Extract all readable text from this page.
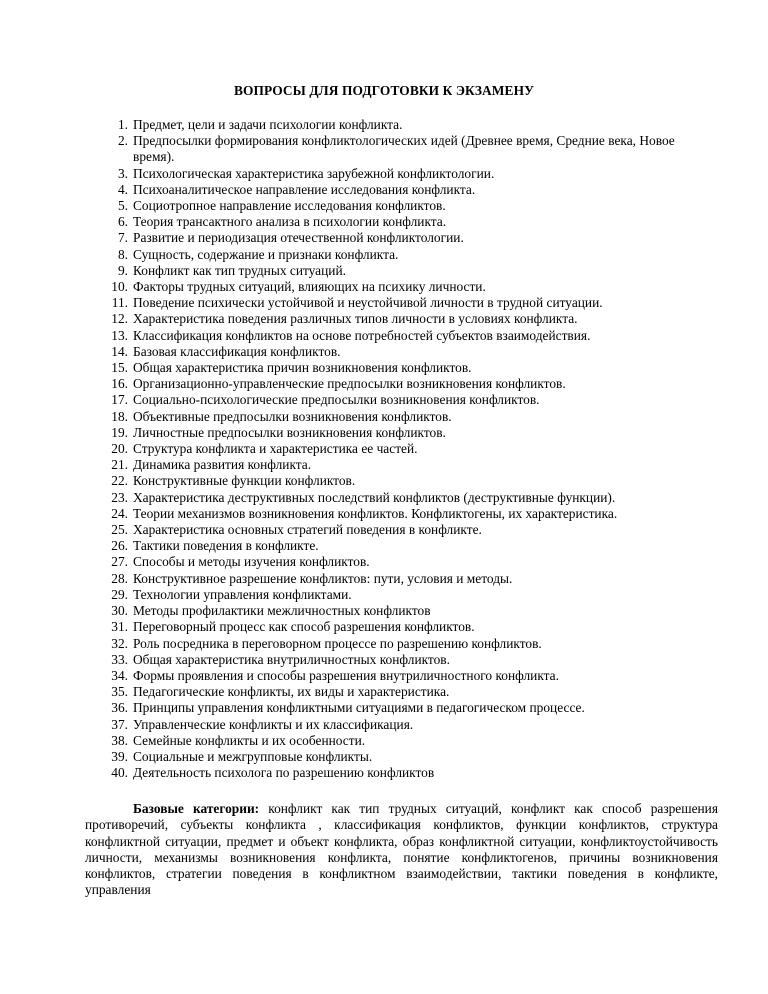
ВОПРОСЫ ДЛЯ ПОДГОТОВКИ К ЭКЗАМЕНУ
1. Предмет, цели и задачи психологии конфликта.
2. Предпосылки формирования конфликтологических идей (Древнее время, Средние века, Новое время).
3. Психологическая характеристика зарубежной конфликтологии.
4. Психоаналитическое направление исследования конфликта.
5. Социотропное направление исследования конфликтов.
6. Теория трансактного анализа в психологии конфликта.
7. Развитие и периодизация отечественной конфликтологии.
8. Сущность, содержание и признаки конфликта.
9. Конфликт как тип трудных ситуаций.
10. Факторы трудных ситуаций, влияющих на психику личности.
11. Поведение психически устойчивой и неустойчивой личности в трудной ситуации.
12. Характеристика поведения различных типов личности в условиях конфликта.
13. Классификация конфликтов на основе потребностей субъектов взаимодействия.
14. Базовая классификация конфликтов.
15. Общая характеристика причин возникновения конфликтов.
16. Организационно-управленческие предпосылки возникновения конфликтов.
17. Социально-психологические предпосылки возникновения конфликтов.
18. Объективные предпосылки возникновения конфликтов.
19. Личностные предпосылки возникновения конфликтов.
20. Структура конфликта и характеристика ее частей.
21. Динамика развития конфликта.
22. Конструктивные функции конфликтов.
23. Характеристика деструктивных последствий конфликтов (деструктивные функции).
24. Теории механизмов возникновения конфликтов. Конфликтогены, их характеристика.
25. Характеристика основных стратегий поведения в конфликте.
26. Тактики поведения в конфликте.
27. Способы и методы изучения конфликтов.
28. Конструктивное разрешение конфликтов: пути, условия и методы.
29. Технологии управления конфликтами.
30. Методы профилактики межличностных конфликтов
31. Переговорный процесс как способ разрешения конфликтов.
32. Роль посредника в переговорном процессе по разрешению конфликтов.
33. Общая характеристика внутриличностных конфликтов.
34. Формы проявления и способы разрешения внутриличностного конфликта.
35. Педагогические конфликты, их виды и характеристика.
36. Принципы управления конфликтными ситуациями в педагогическом процессе.
37. Управленческие конфликты и их классификация.
38. Семейные конфликты и их особенности.
39. Социальные и межгрупповые конфликты.
40. Деятельность психолога по разрешению конфликтов

Базовые категории: конфликт как тип трудных ситуаций, конфликт как способ разрешения противоречий, субъекты конфликта , классификация конфликтов, функции конфликтов, структура конфликтной ситуации, предмет и объект конфликта, образ конфликтной ситуации, конфликтоустойчивость личности, механизмы возникновения конфликта, понятие конфликтогенов, причины возникновения конфликтов, стратегии поведения в конфликтном взаимодействии, тактики поведения в конфликте, управления
